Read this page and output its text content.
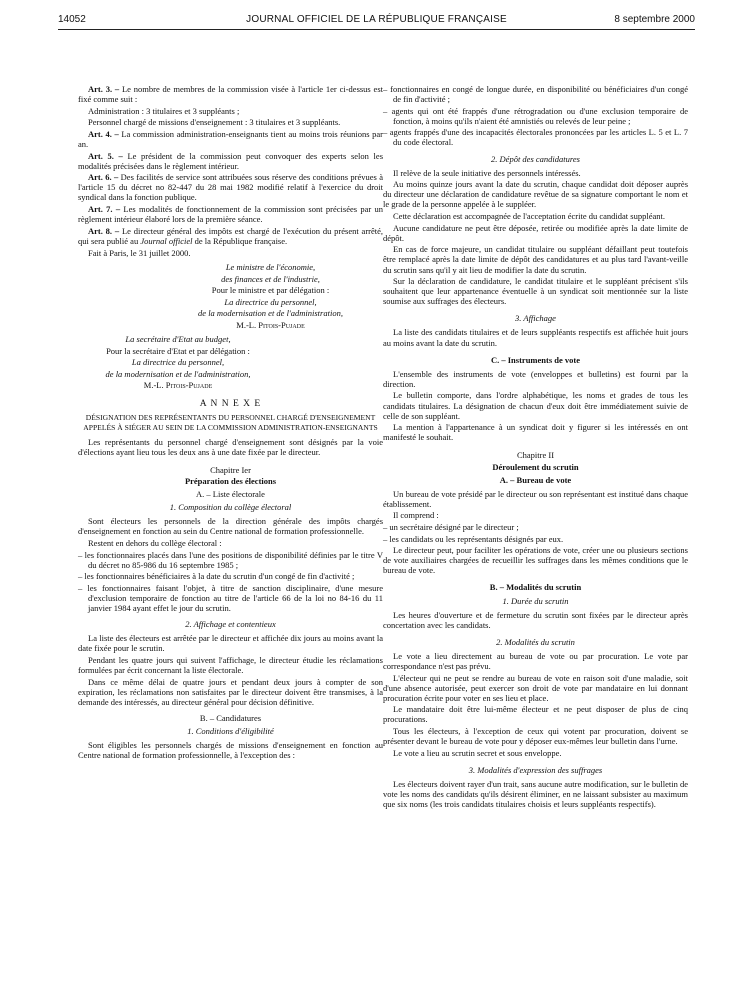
14052	JOURNAL OFFICIEL DE LA RÉPUBLIQUE FRANÇAISE	8 septembre 2000

Art. 3. – Le nombre de membres de la commission visée à l'article 1er ci-dessus est fixé comme suit :

Administration : 3 titulaires et 3 suppléants ;

Personnel chargé de missions d'enseignement : 3 titulaires et 3 suppléants.

Art. 4. – La commission administration-enseignants tient au moins trois réunions par an.

Art. 5. – Le président de la commission peut convoquer des experts selon les modalités précisées dans le règlement intérieur.

Art. 6. – Des facilités de service sont attribuées sous réserve des conditions prévues à l'article 15 du décret no 82-447 du 28 mai 1982 modifié relatif à l'exercice du droit syndical dans la fonction publique.

Art. 7. – Les modalités de fonctionnement de la commission sont précisées par un règlement intérieur élaboré lors de la première séance.

Art. 8. – Le directeur général des impôts est chargé de l'exécution du présent arrêté, qui sera publié au Journal officiel de la République française.

Fait à Paris, le 31 juillet 2000.

Le ministre de l'économie,

des finances et de l'industrie,

Pour le ministre et par délégation :

La directrice du personnel,

de la modernisation et de l'administration,

M.-L. Pitois-Pujade

La secrétaire d'Etat au budget,

Pour la secrétaire d'Etat et par délégation :

La directrice du personnel,

de la modernisation et de l'administration,

M.-L. Pitois-Pujade

A N N E X E

DÉSIGNATION DES REPRÉSENTANTS DU PERSONNEL CHARGÉ D'ENSEIGNEMENT APPELÉS À SIÉGER AU SEIN DE LA COMMISSION ADMINISTRATION-ENSEIGNANTS

Les représentants du personnel chargé d'enseignement sont désignés par la voie d'élections ayant lieu tous les deux ans à une date fixée par le directeur.

Chapitre Ier

Préparation des élections

A. – Liste électorale

1. Composition du collège électoral

Sont électeurs les personnels de la direction générale des impôts chargés d'enseignement en fonction au sein du Centre national de formation professionnelle.

Restent en dehors du collège électoral :

– les fonctionnaires placés dans l'une des positions de disponibilité définies par le titre V du décret no 85-986 du 16 septembre 1985 ;

– les fonctionnaires bénéficiaires à la date du scrutin d'un congé de fin d'activité ;

– les fonctionnaires faisant l'objet, à titre de sanction disciplinaire, d'une mesure d'exclusion temporaire de fonction au titre de l'article 66 de la loi no 84-16 du 11 janvier 1984 ayant effet le jour du scrutin.

2. Affichage et contentieux

La liste des électeurs est arrêtée par le directeur et affichée dix jours au moins avant la date fixée pour le scrutin.

Pendant les quatre jours qui suivent l'affichage, le directeur étudie les réclamations formulées par écrit concernant la liste électorale.

Dans ce même délai de quatre jours et pendant deux jours à compter de son expiration, les réclamations non satisfaites par le directeur doivent être transmises, à la demande des intéressés, au directeur général pour décision définitive.

B. – Candidatures

1. Conditions d'éligibilité

Sont éligibles les personnels chargés de missions d'enseignement en fonction au Centre national de formation professionnelle, à l'exception des :

– fonctionnaires en congé de longue durée, en disponibilité ou bénéficiaires d'un congé de fin d'activité ;

– agents qui ont été frappés d'une rétrogradation ou d'une exclusion temporaire de fonction, à moins qu'ils n'aient été amnistiés ou relevés de leur peine ;

– agents frappés d'une des incapacités électorales prononcées par les articles L. 5 et L. 7 du code électoral.

2. Dépôt des candidatures

Il relève de la seule initiative des personnels intéressés.

Au moins quinze jours avant la date du scrutin, chaque candidat doit déposer auprès du directeur une déclaration de candidature revêtue de sa signature comportant le nom et le grade de la personne appelée à le suppléer.

Cette déclaration est accompagnée de l'acceptation écrite du candidat suppléant.

Aucune candidature ne peut être déposée, retirée ou modifiée après la date limite de dépôt.

En cas de force majeure, un candidat titulaire ou suppléant défaillant peut toutefois être remplacé après la date limite de dépôt des candidatures et au plus tard l'avant-veille du scrutin sans qu'il y ait lieu de modifier la date du scrutin.

Sur la déclaration de candidature, le candidat titulaire et le suppléant précisent s'ils souhaitent que leur appartenance éventuelle à un syndicat soit mentionnée sur la liste soumise aux suffrages des électeurs.

3. Affichage

La liste des candidats titulaires et de leurs suppléants respectifs est affichée huit jours au moins avant la date du scrutin.

C. – Instruments de vote

L'ensemble des instruments de vote (enveloppes et bulletins) est fourni par la direction.

Le bulletin comporte, dans l'ordre alphabétique, les noms et grades de tous les candidats titulaires. La désignation de chacun d'eux doit être immédiatement suivie de celle de son suppléant.

La mention à l'appartenance à un syndicat doit y figurer si les intéressés en ont manifesté le souhait.

Chapitre II

Déroulement du scrutin

A. – Bureau de vote

Un bureau de vote présidé par le directeur ou son représentant est institué dans chaque établissement.

Il comprend :

– un secrétaire désigné par le directeur ;

– les candidats ou les représentants désignés par eux.

Le directeur peut, pour faciliter les opérations de vote, créer une ou plusieurs sections de vote auxiliaires chargées de recueillir les suffrages dans les mêmes conditions que le bureau de vote.

B. – Modalités du scrutin

1. Durée du scrutin

Les heures d'ouverture et de fermeture du scrutin sont fixées par le directeur après concertation avec les candidats.

2. Modalités du scrutin

Le vote a lieu directement au bureau de vote ou par procuration. Le vote par correspondance n'est pas prévu.

L'électeur qui ne peut se rendre au bureau de vote en raison soit d'une maladie, soit d'une absence autorisée, peut exercer son droit de vote par mandataire en lui donnant procuration écrite pour voter en ses lieu et place.

Le mandataire doit être lui-même électeur et ne peut disposer de plus de cinq procurations.

Tous les électeurs, à l'exception de ceux qui votent par procuration, doivent se présenter devant le bureau de vote pour y déposer eux-mêmes leur bulletin dans l'urne.

Le vote a lieu au scrutin secret et sous enveloppe.

3. Modalités d'expression des suffrages

Les électeurs doivent rayer d'un trait, sans aucune autre modification, sur le bulletin de vote les noms des candidats qu'ils désirent éliminer, en ne laissant subsister au maximum que six noms (les trois candidats titulaires choisis et leurs suppléants respectifs).
